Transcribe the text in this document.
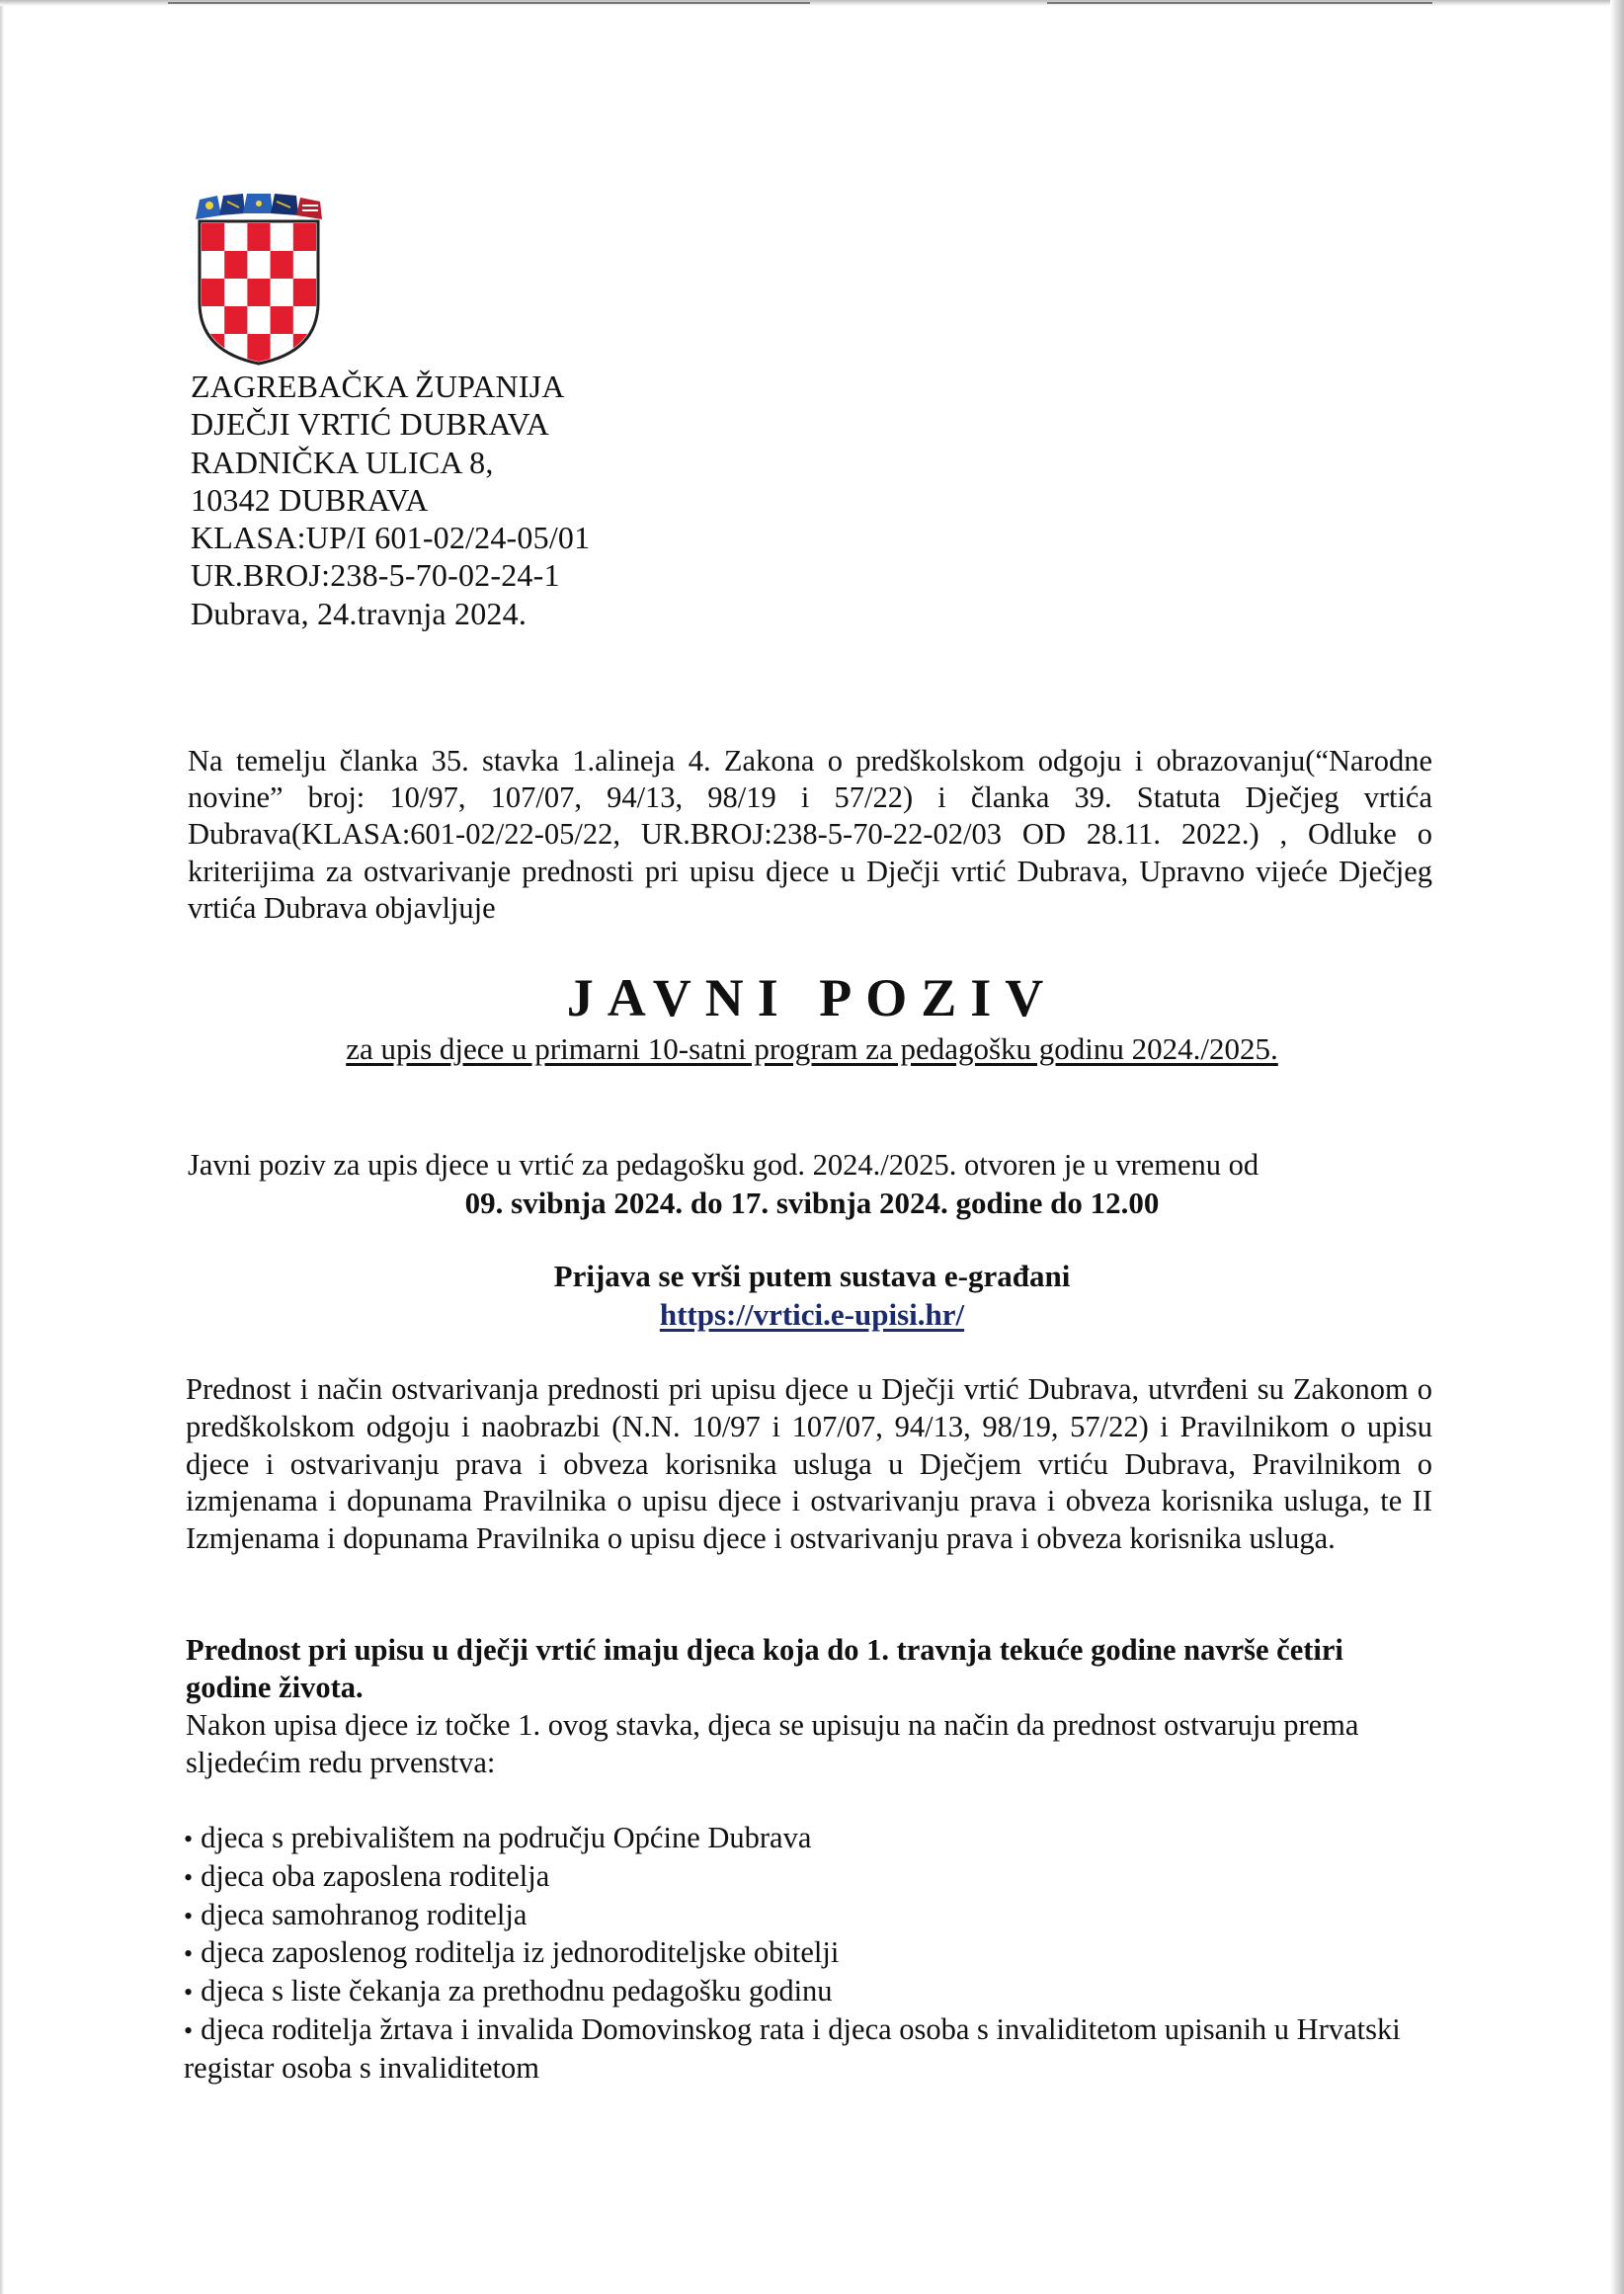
ZAGREBAČKA ŽUPANIJA
DJEČJI VRTIĆ DUBRAVA
RADNIČKA ULICA 8,
10342 DUBRAVA
KLASA:UP/I 601-02/24-05/01
UR.BROJ:238-5-70-02-24-1
Dubrava, 24.travnja 2024.
Na temelju članka 35. stavka 1.alineja 4. Zakona o predškolskom odgoju i obrazovanju(“Narodne novine” broj: 10/97, 107/07, 94/13, 98/19 i 57/22) i članka 39. Statuta Dječjeg vrtića Dubrava(KLASA:601-02/22-05/22, UR.BROJ:238-5-70-22-02/03 OD 28.11. 2022.) , Odluke o kriterijima za ostvarivanje prednosti pri upisu djece u Dječji vrtić Dubrava, Upravno vijeće Dječjeg vrtića Dubrava objavljuje
JAVNI POZIV
za upis djece u primarni 10-satni program za pedagošku godinu 2024./2025.
Javni poziv za upis djece u vrtić za pedagošku god. 2024./2025. otvoren je u vremenu od
09. svibnja 2024. do 17. svibnja 2024. godine do 12.00
Prijava se vrši putem sustava e-građani
https://vrtici.e-upisi.hr/
Prednost i način ostvarivanja prednosti pri upisu djece u Dječji vrtić Dubrava, utvrđeni su Zakonom o predškolskom odgoju i naobrazbi (N.N. 10/97 i 107/07, 94/13, 98/19, 57/22) i Pravilnikom o upisu djece i ostvarivanju prava i obveza korisnika usluga u Dječjem vrtiću Dubrava, Pravilnikom o izmjenama i dopunama Pravilnika o upisu djece i ostvarivanju prava i obveza korisnika usluga, te II Izmjenama i dopunama Pravilnika o upisu djece i ostvarivanju prava i obveza korisnika usluga.
Prednost pri upisu u dječji vrtić imaju djeca koja do 1. travnja tekuće godine navrše četiri godine života.
Nakon upisa djece iz točke 1. ovog stavka, djeca se upisuju na način da prednost ostvaruju prema sljedećim redu prvenstva:
• djeca s prebivalištem na području Općine Dubrava
• djeca oba zaposlena roditelja
• djeca samohranog roditelja
• djeca zaposlenog roditelja iz jednoroditeljske obitelji
• djeca s liste čekanja za prethodnu pedagošku godinu
• djeca roditelja žrtava i invalida Domovinskog rata i djeca osoba s invaliditetom upisanih u Hrvatski registar osoba s invaliditetom
